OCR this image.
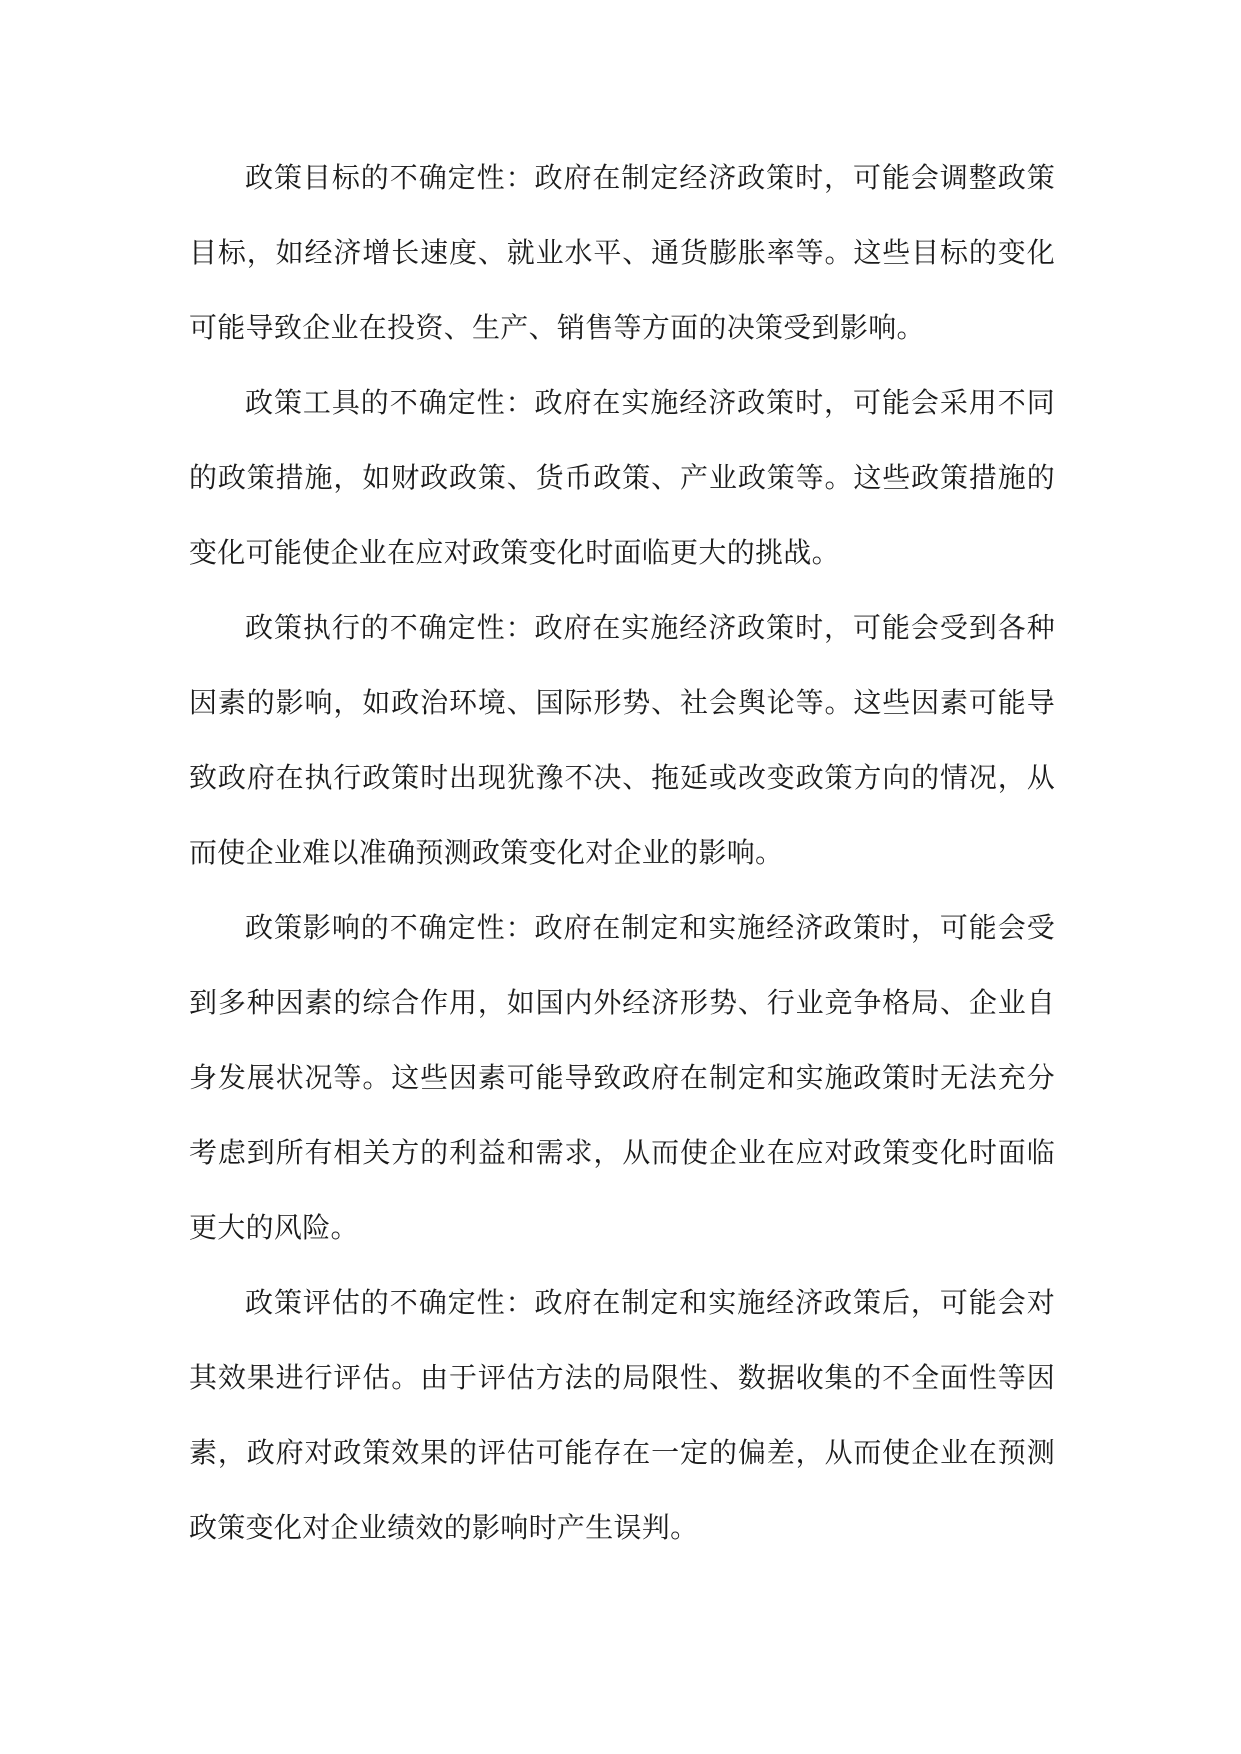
政策目标的不确定性：政府在制定经济政策时，可能会调整政策目标，如经济增长速度、就业水平、通货膨胀率等。这些目标的变化可能导致企业在投资、生产、销售等方面的决策受到影响。

政策工具的不确定性：政府在实施经济政策时，可能会采用不同的政策措施，如财政政策、货币政策、产业政策等。这些政策措施的变化可能使企业在应对政策变化时面临更大的挑战。

政策执行的不确定性：政府在实施经济政策时，可能会受到各种因素的影响，如政治环境、国际形势、社会舆论等。这些因素可能导致政府在执行政策时出现犹豫不决、拖延或改变政策方向的情况，从而使企业难以准确预测政策变化对企业的影响。

政策影响的不确定性：政府在制定和实施经济政策时，可能会受到多种因素的综合作用，如国内外经济形势、行业竞争格局、企业自身发展状况等。这些因素可能导致政府在制定和实施政策时无法充分考虑到所有相关方的利益和需求，从而使企业在应对政策变化时面临更大的风险。

政策评估的不确定性：政府在制定和实施经济政策后，可能会对其效果进行评估。由于评估方法的局限性、数据收集的不全面性等因素，政府对政策效果的评估可能存在一定的偏差，从而使企业在预测政策变化对企业绩效的影响时产生误判。
